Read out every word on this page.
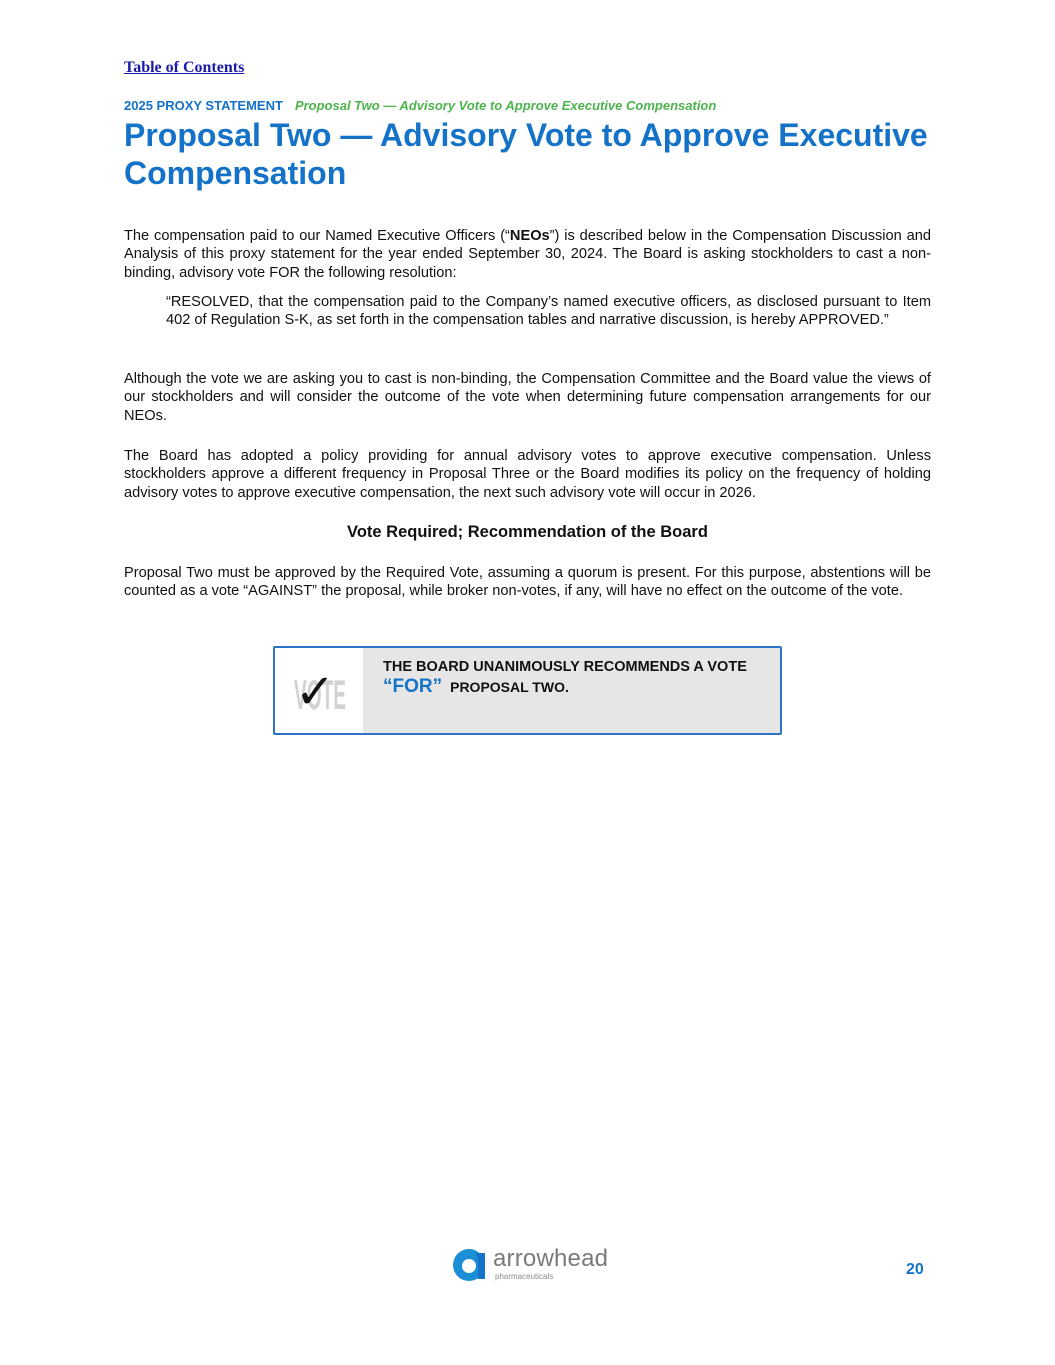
Table of Contents
2025 PROXY STATEMENT Proposal Two — Advisory Vote to Approve Executive Compensation
Proposal Two — Advisory Vote to Approve Executive Compensation

The compensation paid to our Named Executive Officers (“NEOs”) is described below in the Compensation Discussion and Analysis of this proxy statement for the year ended September 30, 2024. The Board is asking stockholders to cast a non-binding, advisory vote FOR the following resolution:

“RESOLVED, that the compensation paid to the Company’s named executive officers, as disclosed pursuant to Item 402 of Regulation S-K, as set forth in the compensation tables and narrative discussion, is hereby APPROVED.”

Although the vote we are asking you to cast is non-binding, the Compensation Committee and the Board value the views of our stockholders and will consider the outcome of the vote when determining future compensation arrangements for our NEOs.

The Board has adopted a policy providing for annual advisory votes to approve executive compensation. Unless stockholders approve a different frequency in Proposal Three or the Board modifies its policy on the frequency of holding advisory votes to approve executive compensation, the next such advisory vote will occur in 2026.

Vote Required; Recommendation of the Board

Proposal Two must be approved by the Required Vote, assuming a quorum is present. For this purpose, abstentions will be counted as a vote “AGAINST” the proposal, while broker non-votes, if any, will have no effect on the outcome of the vote.

VOTE
✓	THE BOARD UNANIMOUSLY RECOMMENDS A VOTE
“FOR” PROPOSAL TWO.
arrowhead
pharmaceuticals	20
